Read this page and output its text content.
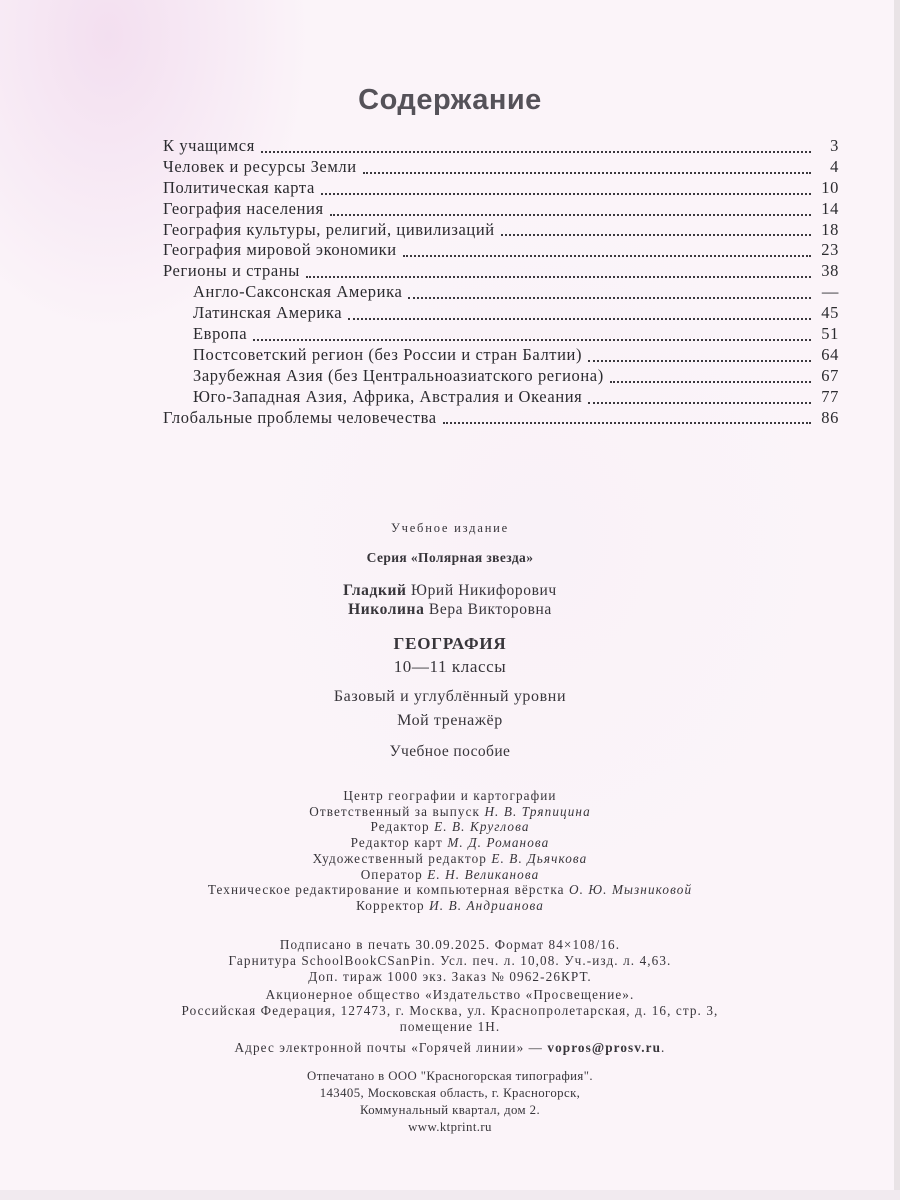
Содержание
К учащимся	3
Человек и ресурсы Земли	4
Политическая карта	10
География населения	14
География культуры, религий, цивилизаций	18
География мировой экономики	23
Регионы и страны	38
Англо-Саксонская Америка	—
Латинская Америка	45
Европа	51
Постсоветский регион (без России и стран Балтии)	64
Зарубежная Азия (без Центральноазиатского региона)	67
Юго-Западная Азия, Африка, Австралия и Океания	77
Глобальные проблемы человечества	86
Учебное издание
Серия «Полярная звезда»
Гладкий Юрий Никифорович
Николина Вера Викторовна
ГЕОГРАФИЯ
10—11 классы
Базовый и углублённый уровни
Мой тренажёр
Учебное пособие
Центр географии и картографии
Ответственный за выпуск Н. В. Тряпицина
Редактор Е. В. Круглова
Редактор карт М. Д. Романова
Художественный редактор Е. В. Дьячкова
Оператор Е. Н. Великанова
Техническое редактирование и компьютерная вёрстка О. Ю. Мызниковой
Корректор И. В. Андрианова
Подписано в печать 30.09.2025. Формат 84×108/16.
Гарнитура SchoolBookCSanPin. Усл. печ. л. 10,08. Уч.-изд. л. 4,63.
Доп. тираж 1000 экз. Заказ № 0962-26КРТ.
Акционерное общество «Издательство «Просвещение».
Российская Федерация, 127473, г. Москва, ул. Краснопролетарская, д. 16, стр. 3,
помещение 1Н.
Адрес электронной почты «Горячей линии» — vopros@prosv.ru.
Отпечатано в ООО "Красногорская типография".
143405, Московская область, г. Красногорск,
Коммунальный квартал, дом 2.
www.ktprint.ru
